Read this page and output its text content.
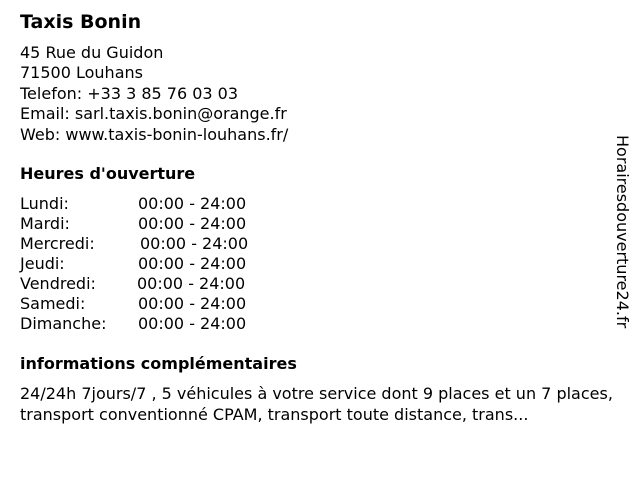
Taxis Bonin
45 Rue du Guidon
71500 Louhans
Telefon: +33 3 85 76 03 03
Email: sarl.taxis.bonin@orange.fr
Web: www.taxis-bonin-louhans.fr/
Heures d'ouverture
Lundi:	00:00 - 24:00
Mardi:	00:00 - 24:00
Mercredi:	00:00 - 24:00
Jeudi:	00:00 - 24:00
Vendredi:	00:00 - 24:00
Samedi:	00:00 - 24:00
Dimanche: 00:00 - 24:00
informations complémentaires
24/24h 7jours/7 , 5 véhicules à votre service dont 9 places et un 7 places, transport conventionné CPAM, transport toute distance, trans...
Horairesdouverture24.fr
